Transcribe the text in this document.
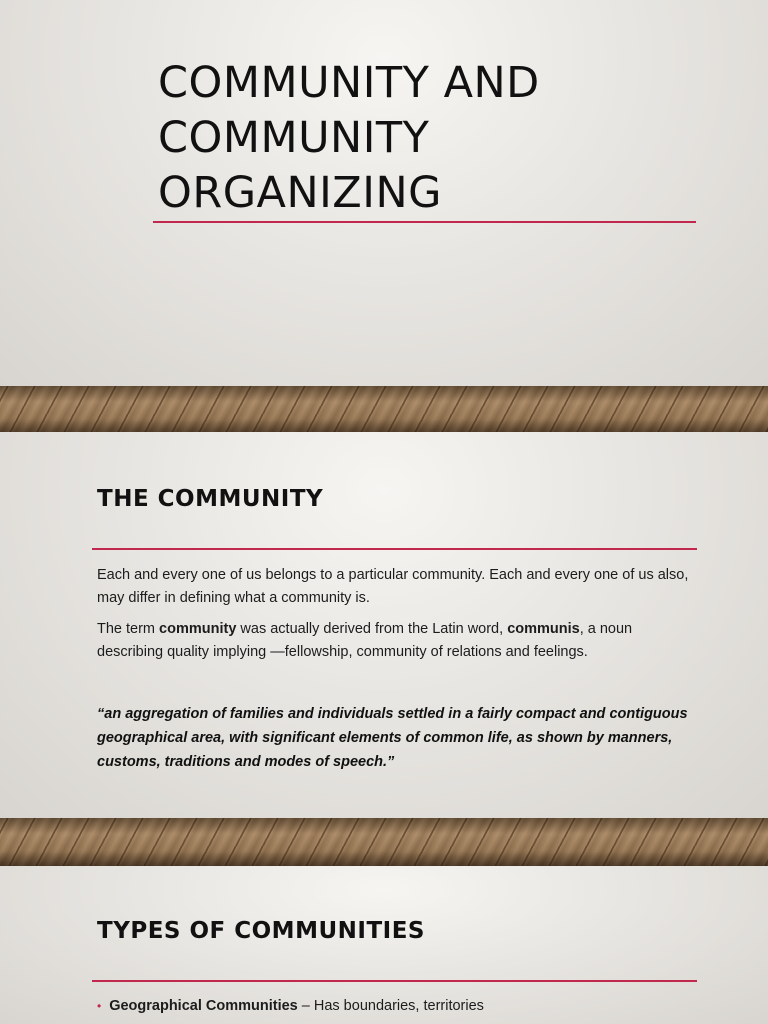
COMMUNITY AND
COMMUNITY
ORGANIZING
THE COMMUNITY

Each and every one of us belongs to a particular community. Each and every one of us also, may differ in defining what a community is.

The term community was actually derived from the Latin word, communis, a noun describing quality implying —fellowship, community of relations and feelings.

“an aggregation of families and individuals settled in a fairly compact and contiguous geographical area, with significant elements of common life, as shown by manners, customs, traditions and modes of speech.”

TYPES OF COMMUNITIES

• Geographical Communities – Has boundaries, territories
